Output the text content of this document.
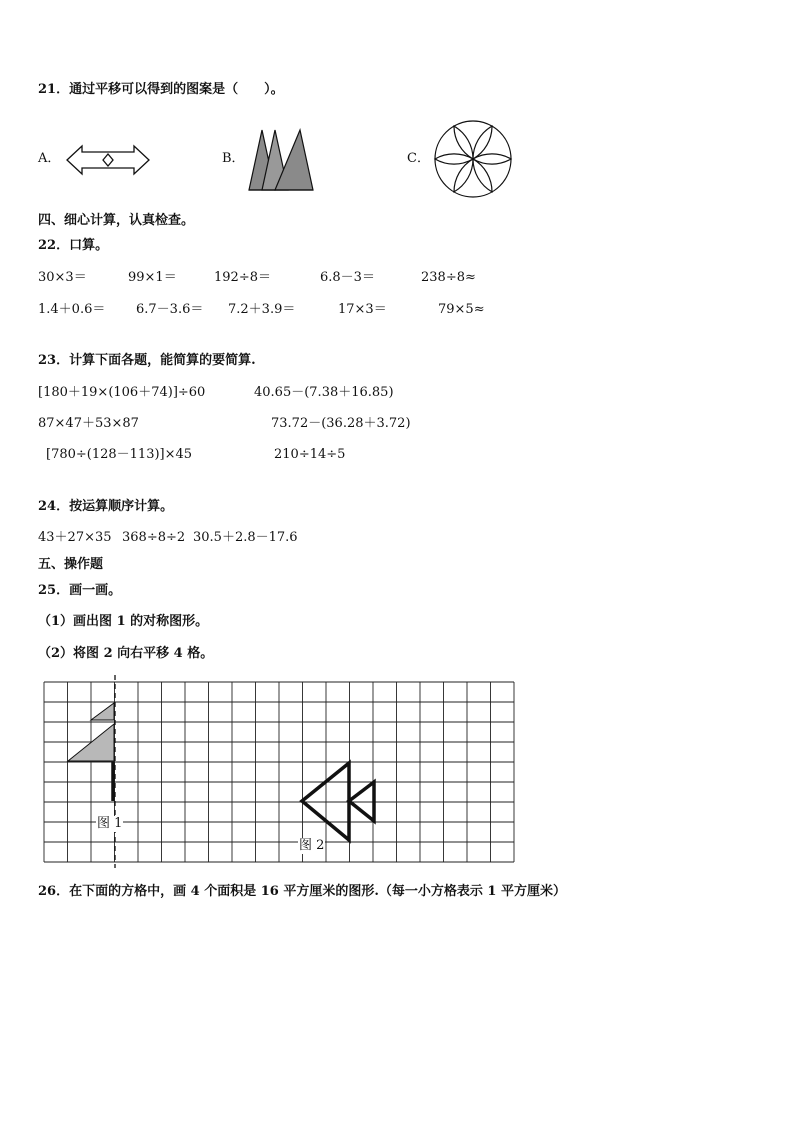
21．通过平移可以得到的图案是（　　）。
A．	B．	C．
四、细心计算，认真检查。
22．口算。
30×3＝	99×1＝	192÷8＝	6.8－3＝	238÷8≈
1.4＋0.6＝ 6.7－3.6＝ 7.2＋3.9＝	17×3＝	79×5≈
23．计算下面各题，能简算的要简算.
[180＋19×(106＋74)]÷60	40.65－(7.38＋16.85)
87×47＋53×87	73.72－(36.28＋3.72)
[780÷(128－113)]×45	210÷14÷5
24．按运算顺序计算。
43＋27×35 368÷8÷2 30.5＋2.8－17.6
五、操作题
25．画一画。
（1）画出图 1 的对称图形。
（2）将图 2 向右平移 4 格。
图 1
图 2
26．在下面的方格中，画 4 个面积是 16 平方厘米的图形.（每一小方格表示 1 平方厘米）
